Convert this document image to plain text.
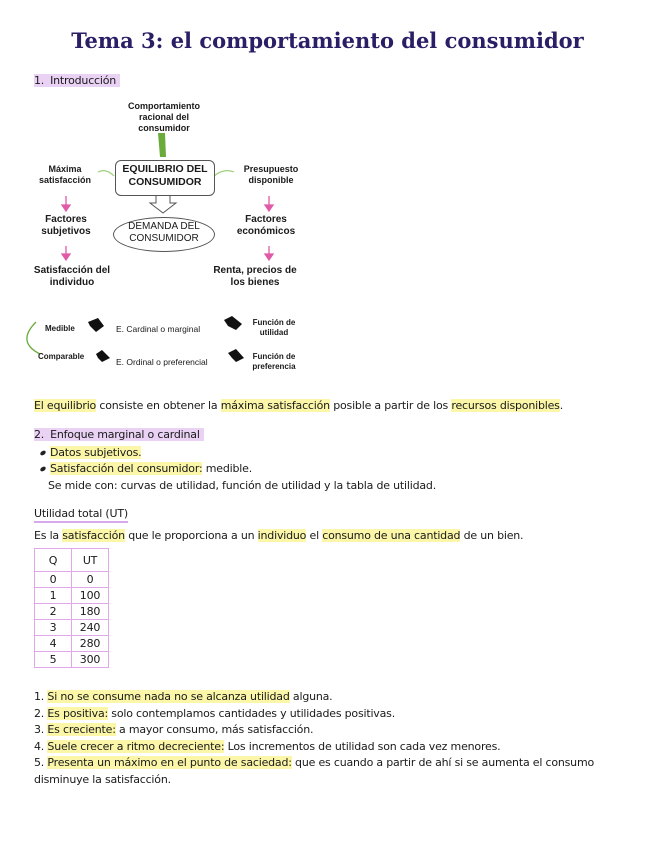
Tema 3: el comportamiento del consumidor
1. Introducción
Comportamiento racional del consumidor
EQUILIBRIO DEL CONSUMIDOR
DEMANDA DEL CONSUMIDOR
Máxima satisfacción
Factores subjetivos
Satisfacción del individuo
Presupuesto disponible
Factores económicos
Renta, precios de los bienes
Medible	E. Cardinal o marginal
Función de utilidad
Comparable
E. Ordinal o preferencial
Función de preferencia
El equilibrio consiste en obtener la máxima satisfacción posible a partir de los recursos disponibles.
2. Enfoque marginal o cardinal
Datos subjetivos.
Satisfacción del consumidor: medible.
Se mide con: curvas de utilidad, función de utilidad y la tabla de utilidad.
Utilidad total (UT)
Es la satisfacción que le proporciona a un individuo el consumo de una cantidad de un bien.
Q	UT
0	0
1	100
2	180
3	240
4	280
5	300
1. Si no se consume nada no se alcanza utilidad alguna.
2. Es positiva: solo contemplamos cantidades y utilidades positivas.
3. Es creciente: a mayor consumo, más satisfacción.
4. Suele crecer a ritmo decreciente: Los incrementos de utilidad son cada vez menores.
5. Presenta un máximo en el punto de saciedad: que es cuando a partir de ahí si se aumenta el consumo disminuye la satisfacción.
